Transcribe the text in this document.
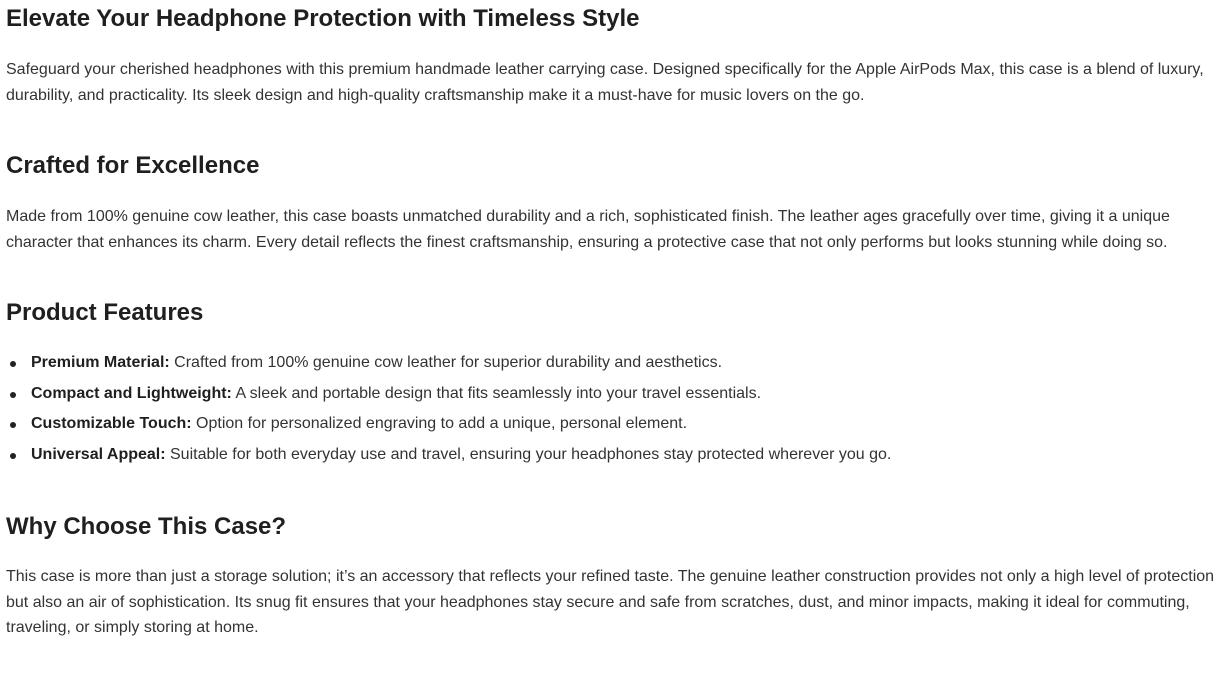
Elevate Your Headphone Protection with Timeless Style

Safeguard your cherished headphones with this premium handmade leather carrying case. Designed specifically for the Apple AirPods Max, this case is a blend of luxury, durability, and practicality. Its sleek design and high-quality craftsmanship make it a must-have for music lovers on the go.

Crafted for Excellence

Made from 100% genuine cow leather, this case boasts unmatched durability and a rich, sophisticated finish. The leather ages gracefully over time, giving it a unique character that enhances its charm. Every detail reflects the finest craftsmanship, ensuring a protective case that not only performs but looks stunning while doing so.

Product Features
Premium Material: Crafted from 100% genuine cow leather for superior durability and aesthetics.
Compact and Lightweight: A sleek and portable design that fits seamlessly into your travel essentials.
Customizable Touch: Option for personalized engraving to add a unique, personal element.
Universal Appeal: Suitable for both everyday use and travel, ensuring your headphones stay protected wherever you go.
Why Choose This Case?

This case is more than just a storage solution; it’s an accessory that reflects your refined taste. The genuine leather construction provides not only a high level of protection but also an air of sophistication. Its snug fit ensures that your headphones stay secure and safe from scratches, dust, and minor impacts, making it ideal for commuting, traveling, or simply storing at home.
